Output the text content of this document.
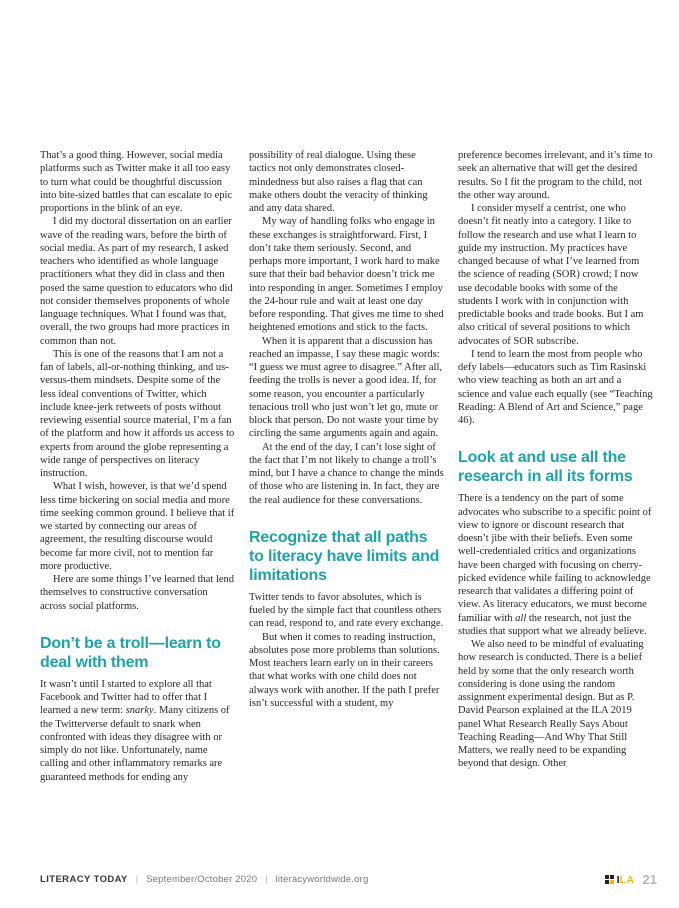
That’s a good thing. However, social media platforms such as Twitter make it all too easy to turn what could be thoughtful discussion into bite-sized battles that can escalate to epic proportions in the blink of an eye.

I did my doctoral dissertation on an earlier wave of the reading wars, before the birth of social media. As part of my research, I asked teachers who identified as whole language practitioners what they did in class and then posed the same question to educators who did not consider themselves proponents of whole language techniques. What I found was that, overall, the two groups had more practices in common than not.

This is one of the reasons that I am not a fan of labels, all-or-nothing thinking, and us-versus-them mindsets. Despite some of the less ideal conventions of Twitter, which include knee-jerk retweets of posts without reviewing essential source material, I’m a fan of the platform and how it affords us access to experts from around the globe representing a wide range of perspectives on literacy instruction.

What I wish, however, is that we’d spend less time bickering on social media and more time seeking common ground. I believe that if we started by connecting our areas of agreement, the resulting discourse would become far more civil, not to mention far more productive.

Here are some things I’ve learned that lend themselves to constructive conversation across social platforms.

Don’t be a troll—learn to deal with them

It wasn’t until I started to explore all that Facebook and Twitter had to offer that I learned a new term: snarky. Many citizens of the Twitterverse default to snark when confronted with ideas they disagree with or simply do not like. Unfortunately, name calling and other inflammatory remarks are guaranteed methods for ending any

possibility of real dialogue. Using these tactics not only demonstrates closed-mindedness but also raises a flag that can make others doubt the veracity of thinking and any data shared.

My way of handling folks who engage in these exchanges is straightforward. First, I don’t take them seriously. Second, and perhaps more important, I work hard to make sure that their bad behavior doesn’t trick me into responding in anger. Sometimes I employ the 24-hour rule and wait at least one day before responding. That gives me time to shed heightened emotions and stick to the facts.

When it is apparent that a discussion has reached an impasse, I say these magic words: “I guess we must agree to disagree.” After all, feeding the trolls is never a good idea. If, for some reason, you encounter a particularly tenacious troll who just won’t let go, mute or block that person. Do not waste your time by circling the same arguments again and again.

At the end of the day, I can’t lose sight of the fact that I’m not likely to change a troll’s mind, but I have a chance to change the minds of those who are listening in. In fact, they are the real audience for these conversations.

Recognize that all paths to literacy have limits and limitations

Twitter tends to favor absolutes, which is fueled by the simple fact that countless others can read, respond to, and rate every exchange.

But when it comes to reading instruction, absolutes pose more problems than solutions. Most teachers learn early on in their careers that what works with one child does not always work with another. If the path I prefer isn’t successful with a student, my

preference becomes irrelevant, and it’s time to seek an alternative that will get the desired results. So I fit the program to the child, not the other way around.

I consider myself a centrist, one who doesn’t fit neatly into a category. I like to follow the research and use what I learn to guide my instruction. My practices have changed because of what I’ve learned from the science of reading (SOR) crowd; I now use decodable books with some of the students I work with in conjunction with predictable books and trade books. But I am also critical of several positions to which advocates of SOR subscribe.

I tend to learn the most from people who defy labels—educators such as Tim Rasinski who view teaching as both an art and a science and value each equally (see “Teaching Reading: A Blend of Art and Science,” page 46).

Look at and use all the research in all its forms

There is a tendency on the part of some advocates who subscribe to a specific point of view to ignore or discount research that doesn’t jibe with their beliefs. Even some well-credentialed critics and organizations have been charged with focusing on cherry-picked evidence while failing to acknowledge research that validates a differing point of view. As literacy educators, we must become familiar with all the research, not just the studies that support what we already believe.

We also need to be mindful of evaluating how research is conducted. There is a belief held by some that the only research worth considering is done using the random assignment experimental design. But as P. David Pearson explained at the ILA 2019 panel What Research Really Says About Teaching Reading—And Why That Still Matters, we really need to be expanding beyond that design. Other

LITERACY TODAY | September/October 2020 | literacyworldwide.org	I LA 21
